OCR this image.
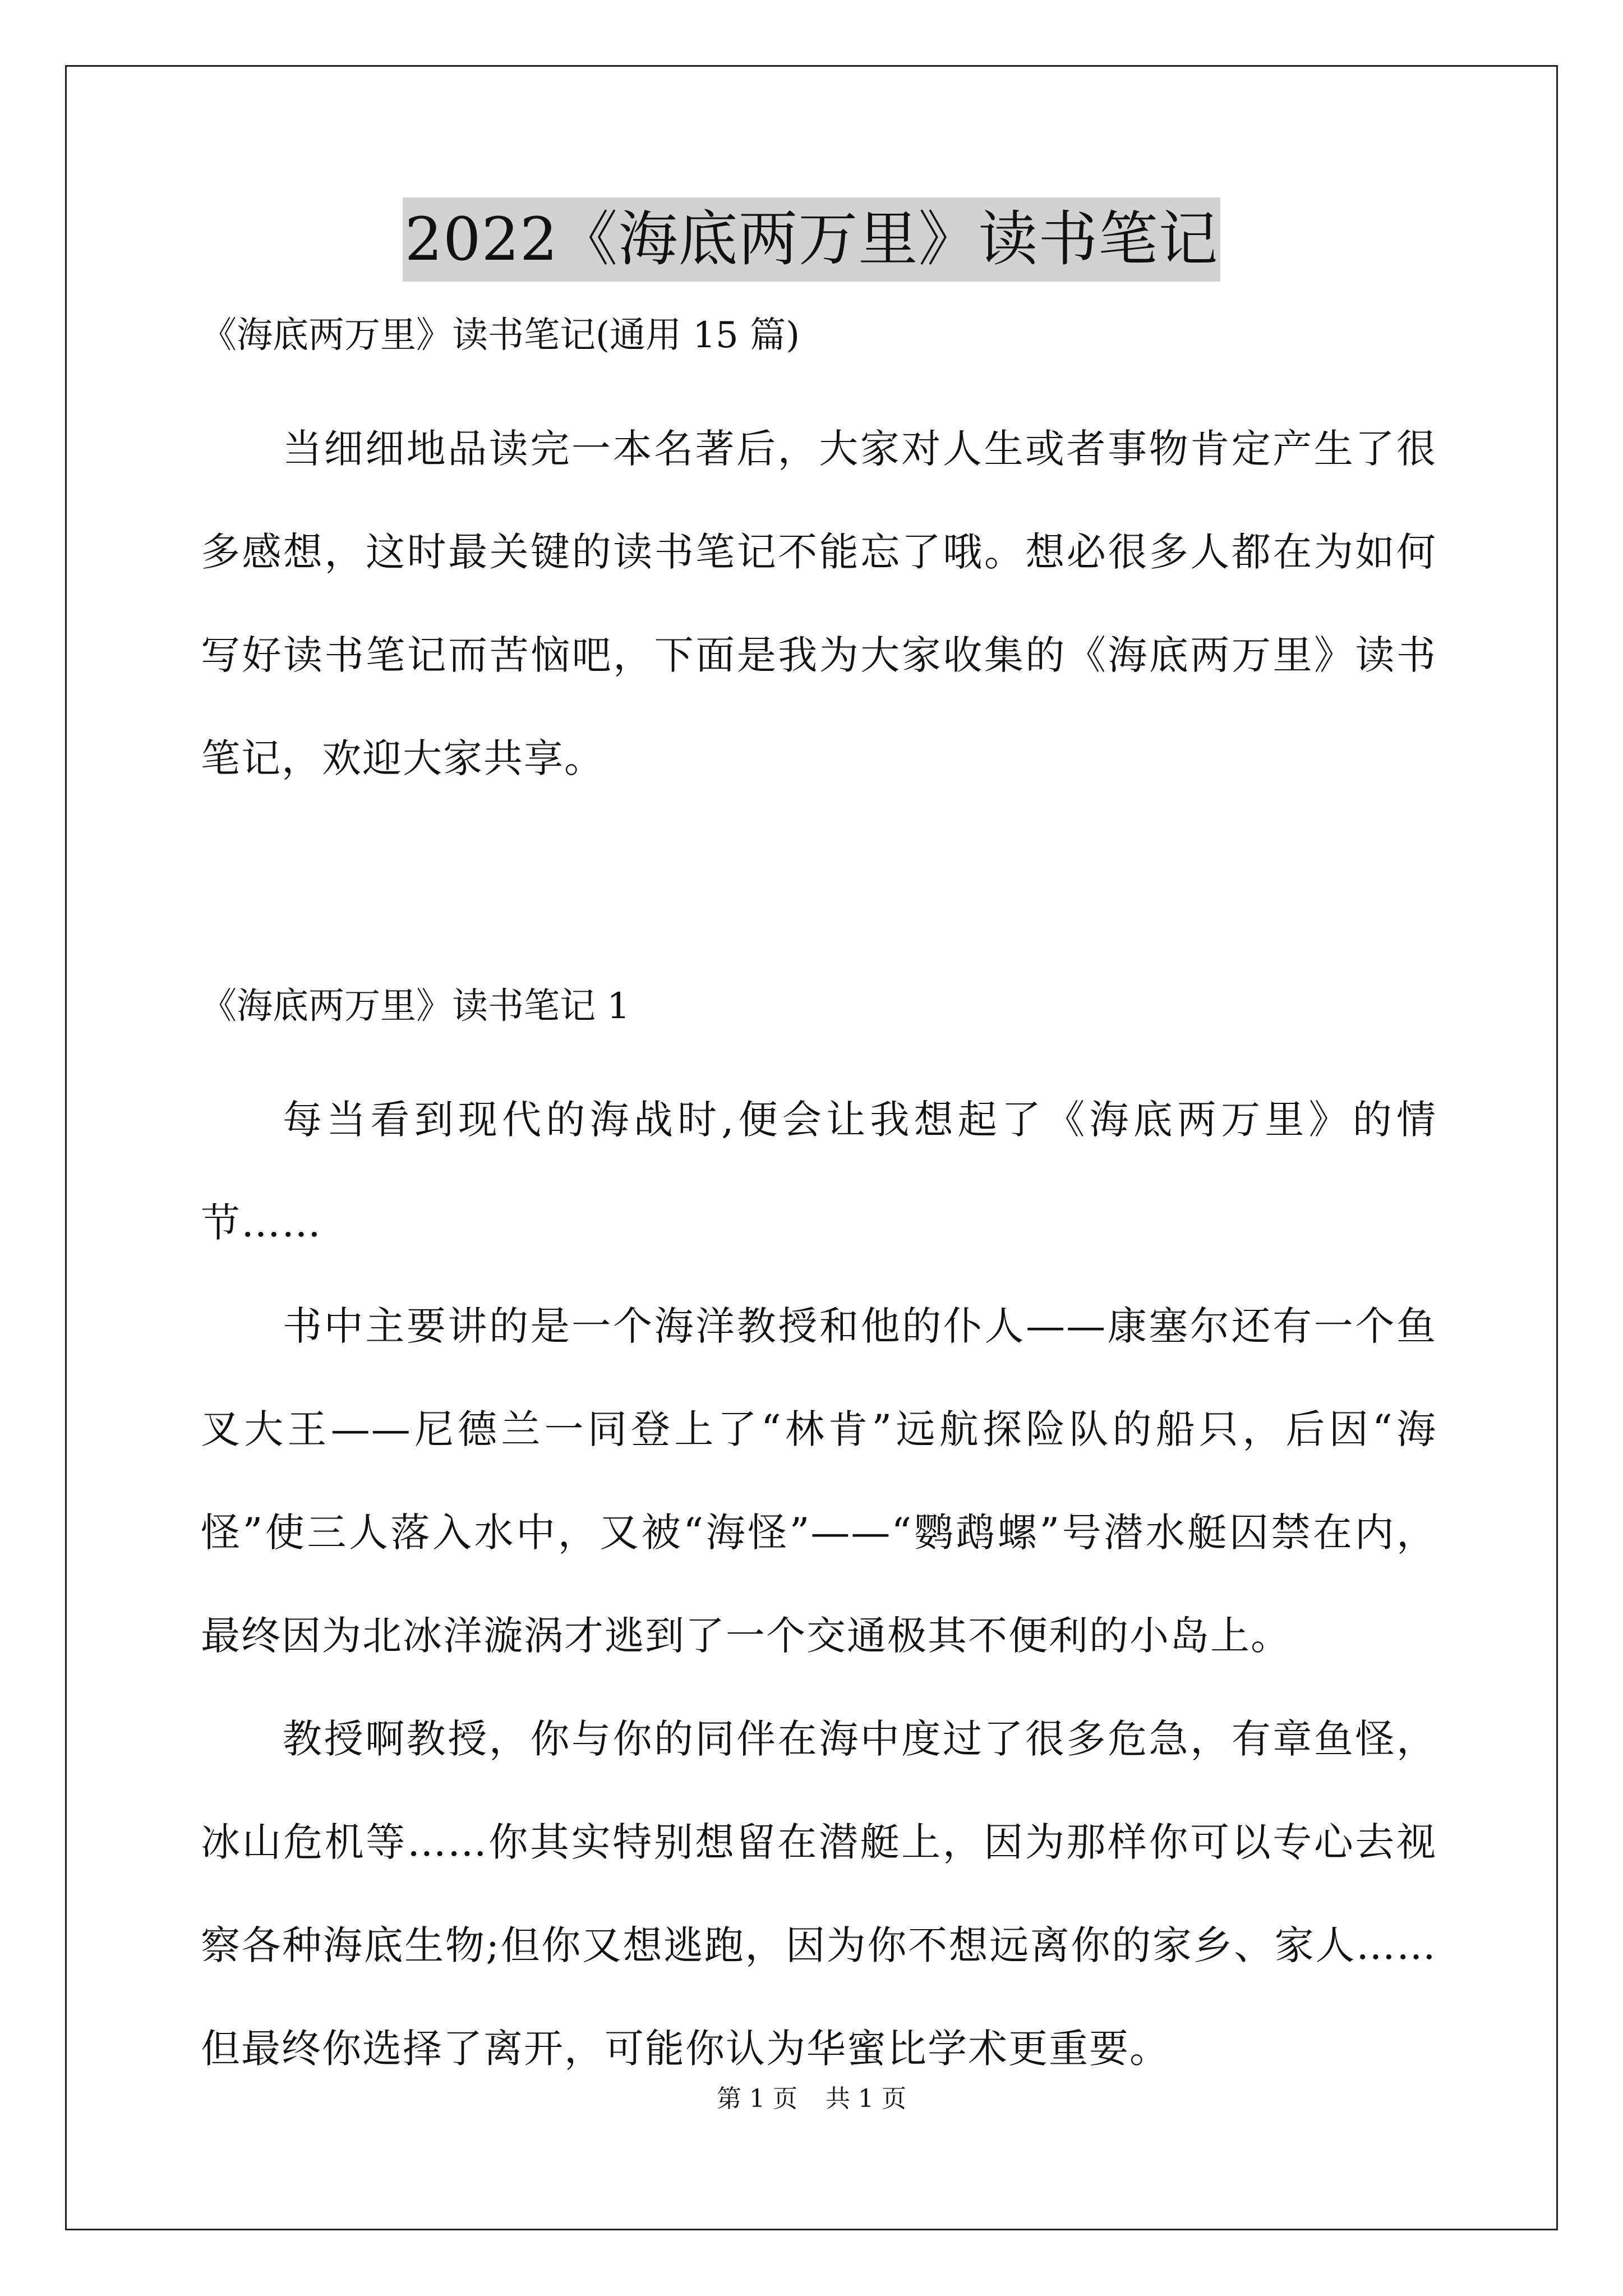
2022《海底两万里》读书笔记

《海底两万里》读书笔记(通用 15 篇)

当细细地品读完一本名著后，大家对人生或者事物肯定产生了很多感想，这时最关键的读书笔记不能忘了哦。想必很多人都在为如何写好读书笔记而苦恼吧，下面是我为大家收集的《海底两万里》读书笔记，欢迎大家共享。

《海底两万里》读书笔记 1

每当看到现代的海战时,便会让我想起了《海底两万里》的情节……

书中主要讲的是一个海洋教授和他的仆人——康塞尔还有一个鱼叉大王——尼德兰一同登上了“林肯”远航探险队的船只，后因“海怪”使三人落入水中，又被“海怪”——“鹦鹉螺”号潜水艇囚禁在内，最终因为北冰洋漩涡才逃到了一个交通极其不便利的小岛上。

教授啊教授，你与你的同伴在海中度过了很多危急，有章鱼怪，冰山危机等……你其实特别想留在潜艇上，因为那样你可以专心去视察各种海底生物;但你又想逃跑，因为你不想远离你的家乡、家人……但最终你选择了离开，可能你认为华蜜比学术更重要。

第 1 页 共 1 页
